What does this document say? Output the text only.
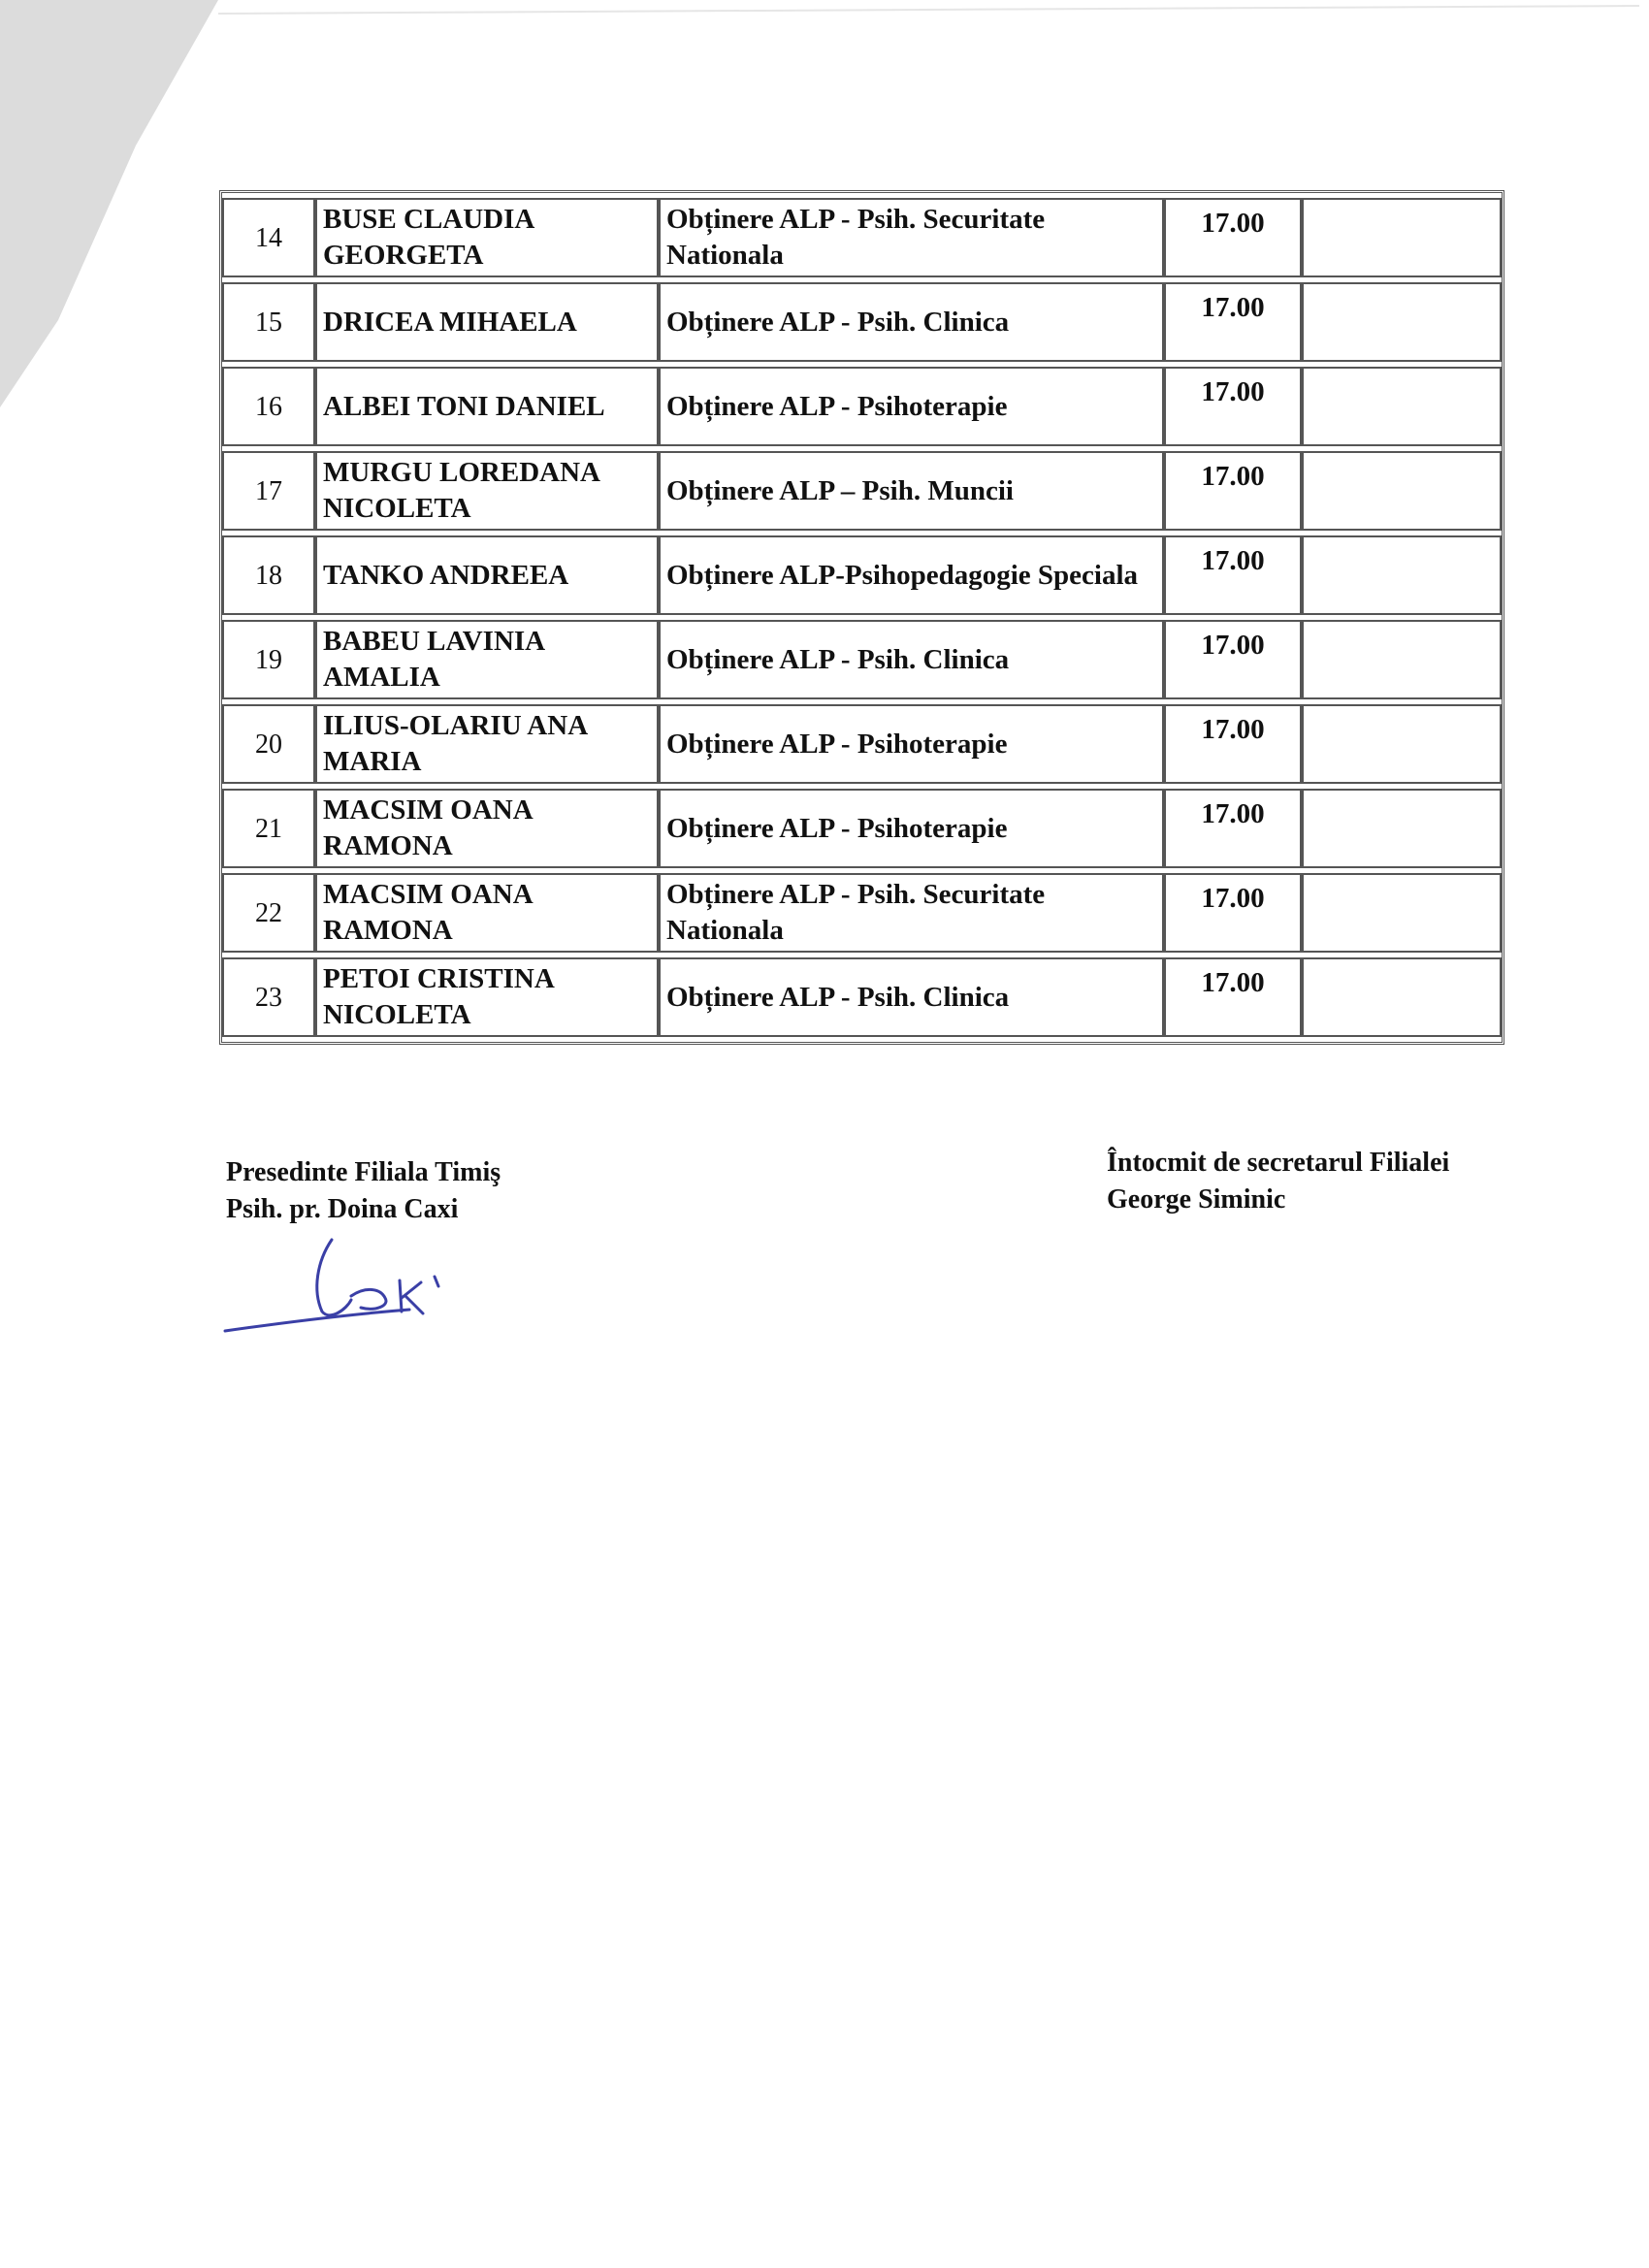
14	BUSE CLAUDIA GEORGETA	Obținere ALP - Psih. Securitate Nationala	17.00	
15	DRICEA MIHAELA	Obținere ALP - Psih. Clinica	17.00	
16	ALBEI TONI DANIEL	Obținere ALP - Psihoterapie	17.00	
17	MURGU LOREDANA NICOLETA	Obținere ALP – Psih. Muncii	17.00	
18	TANKO ANDREEA	Obținere ALP-Psihopedagogie Speciala	17.00	
19	BABEU LAVINIA AMALIA	Obținere ALP - Psih. Clinica	17.00	
20	ILIUS-OLARIU ANA MARIA	Obținere ALP - Psihoterapie	17.00	
21	MACSIM OANA RAMONA	Obținere ALP - Psihoterapie	17.00	
22	MACSIM OANA RAMONA	Obținere ALP - Psih. Securitate Nationala	17.00	
23	PETOI CRISTINA NICOLETA	Obținere ALP - Psih. Clinica	17.00	
Presedinte Filiala Timiş
Psih. pr. Doina Caxi
Întocmit de secretarul Filialei
George Siminic
